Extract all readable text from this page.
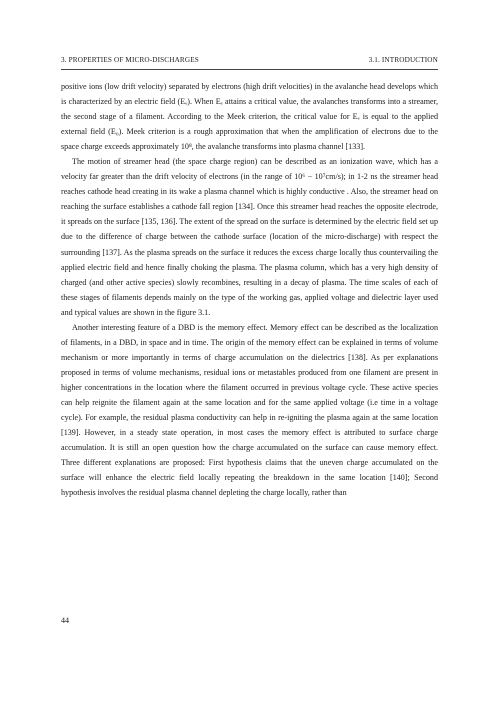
3. PROPERTIES OF MICRO-DISCHARGES	3.1. INTRODUCTION

positive ions (low drift velocity) separated by electrons (high drift velocities) in the avalanche head develops which is characterized by an electric field (Eₑ). When Eₑ attains a critical value, the avalanches transforms into a streamer, the second stage of a filament. According to the Meek criterion, the critical value for Eₑ is equal to the applied external field (E₀). Meek criterion is a rough approximation that when the amplification of electrons due to the space charge exceeds approximately 10⁸, the avalanche transforms into plasma channel [133].

The motion of streamer head (the space charge region) can be described as an ionization wave, which has a velocity far greater than the drift velocity of electrons (in the range of 10⁶ − 10⁷cm/s); in 1-2 ns the streamer head reaches cathode head creating in its wake a plasma channel which is highly conductive . Also, the streamer head on reaching the surface establishes a cathode fall region [134]. Once this streamer head reaches the opposite electrode, it spreads on the surface [135, 136]. The extent of the spread on the surface is determined by the electric field set up due to the difference of charge between the cathode surface (location of the micro-discharge) with respect the surrounding [137]. As the plasma spreads on the surface it reduces the excess charge locally thus countervailing the applied electric field and hence finally choking the plasma. The plasma column, which has a very high density of charged (and other active species) slowly recombines, resulting in a decay of plasma. The time scales of each of these stages of filaments depends mainly on the type of the working gas, applied voltage and dielectric layer used and typical values are shown in the figure 3.1.

Another interesting feature of a DBD is the memory effect. Memory effect can be described as the localization of filaments, in a DBD, in space and in time. The origin of the memory effect can be explained in terms of volume mechanism or more importantly in terms of charge accumulation on the dielectrics [138]. As per explanations proposed in terms of volume mechanisms, residual ions or metastables produced from one filament are present in higher concentrations in the location where the filament occurred in previous voltage cycle. These active species can help reignite the filament again at the same location and for the same applied voltage (i.e time in a voltage cycle). For example, the residual plasma conductivity can help in re-igniting the plasma again at the same location [139]. However, in a steady state operation, in most cases the memory effect is attributed to surface charge accumulation. It is still an open question how the charge accumulated on the surface can cause memory effect. Three different explanations are proposed: First hypothesis claims that the uneven charge accumulated on the surface will enhance the electric field locally repeating the breakdown in the same location [140]; Second hypothesis involves the residual plasma channel depleting the charge locally, rather than

44
